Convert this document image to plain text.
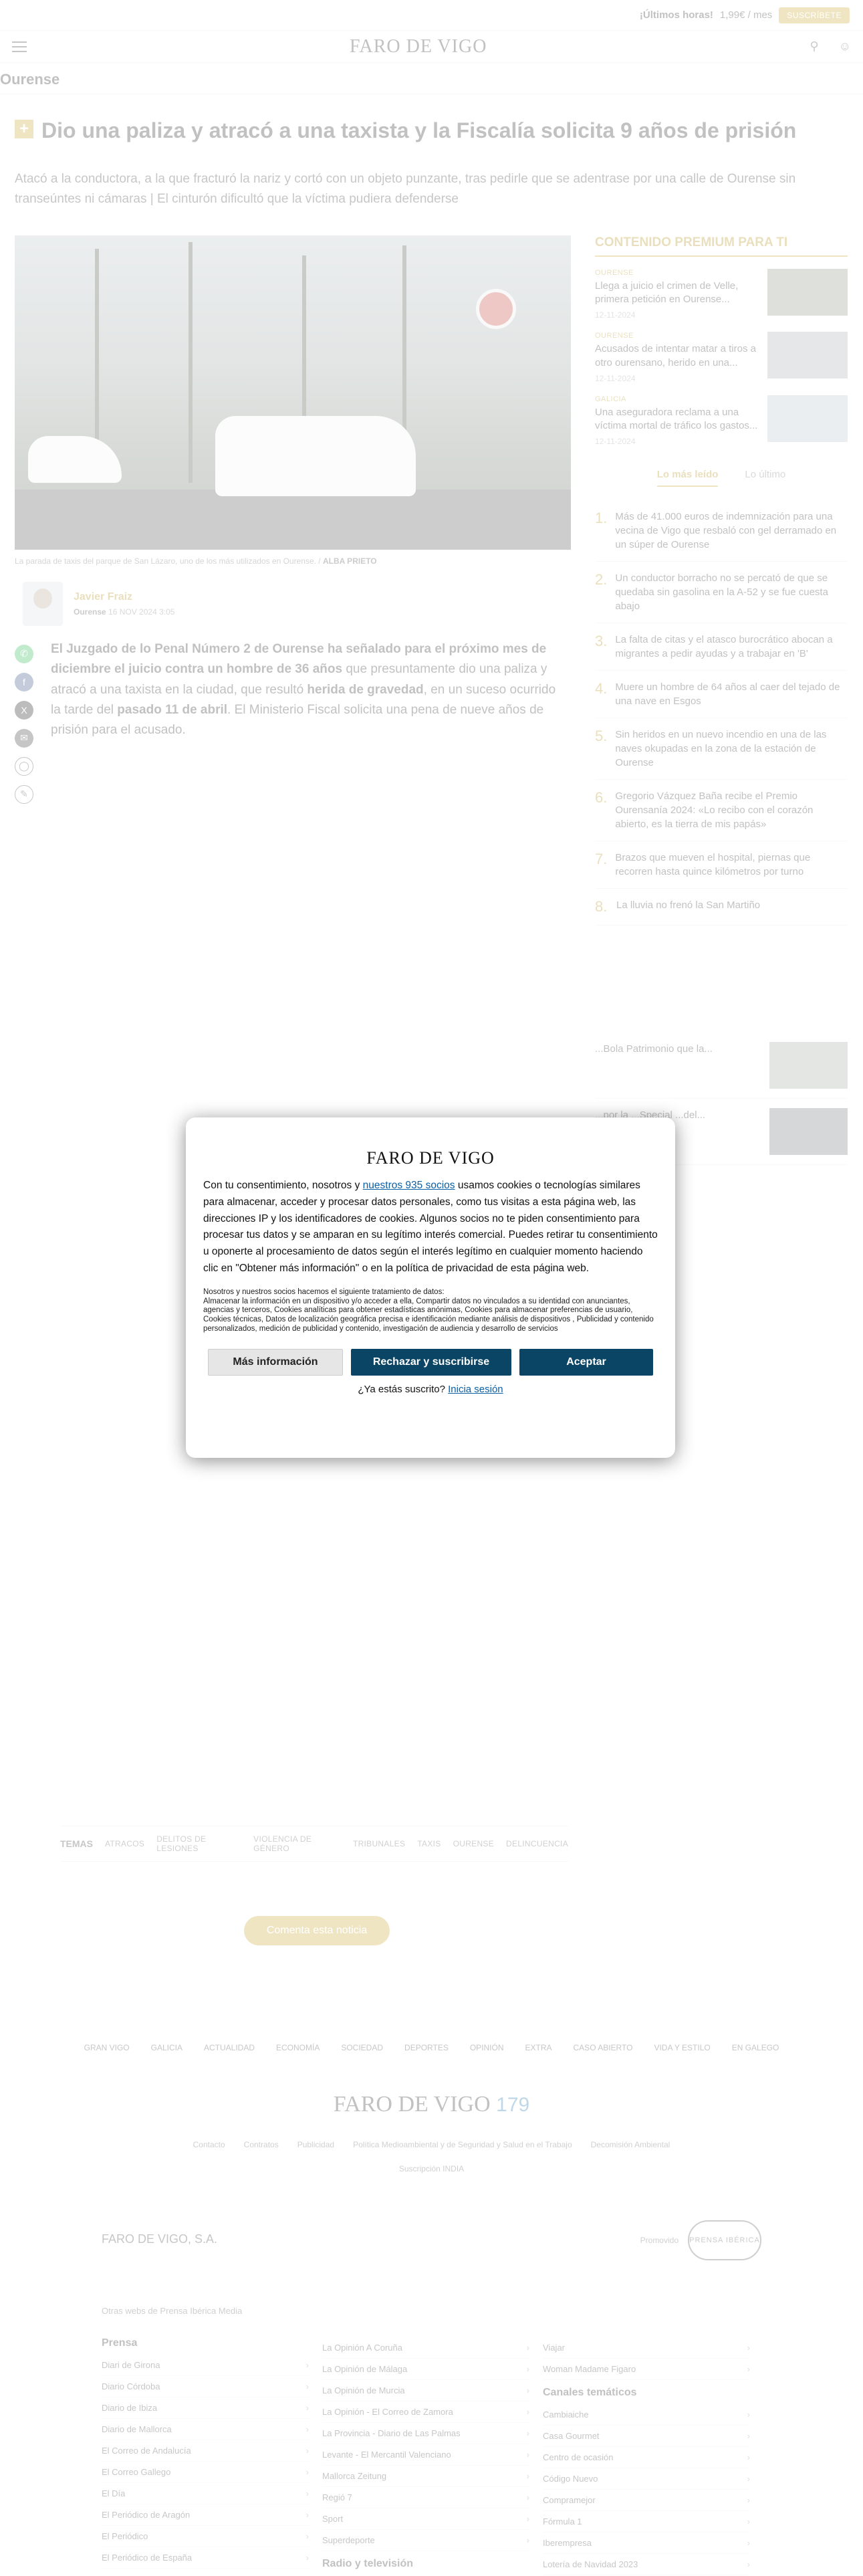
›
›
›
›
›
›
›
›
›
›
›
›
›
›
›
›
›
›
›
›
›
›
›
›
›
›
›
›
›
›
FARO DE VIGO

Con tu consentimiento, nosotros y nuestros 935 socios usamos cookies o tecnologías similares para almacenar, acceder y procesar datos personales, como tus visitas a esta página web, las direcciones IP y los identificadores de cookies. Algunos socios no te piden consentimiento para procesar tus datos y se amparan en su legítimo interés comercial. Puedes retirar tu consentimiento u oponerte al procesamiento de datos según el interés legítimo en cualquier momento haciendo clic en "Obtener más información" o en la política de privacidad de esta página web.

Nosotros y nuestros socios hacemos el siguiente tratamiento de datos:
Almacenar la información en un dispositivo y/o acceder a ella, Compartir datos no vinculados a su identidad con anunciantes, agencias y terceros, Cookies analíticas para obtener estadísticas anónimas, Cookies para almacenar preferencias de usuario, Cookies técnicas, Datos de localización geográfica precisa e identificación mediante análisis de dispositivos , Publicidad y contenido personalizados, medición de publicidad y contenido, investigación de audiencia y desarrollo de servicios
Más información	Rechazar y suscribirse	Aceptar
¿Ya estás suscrito? Inicia sesión
